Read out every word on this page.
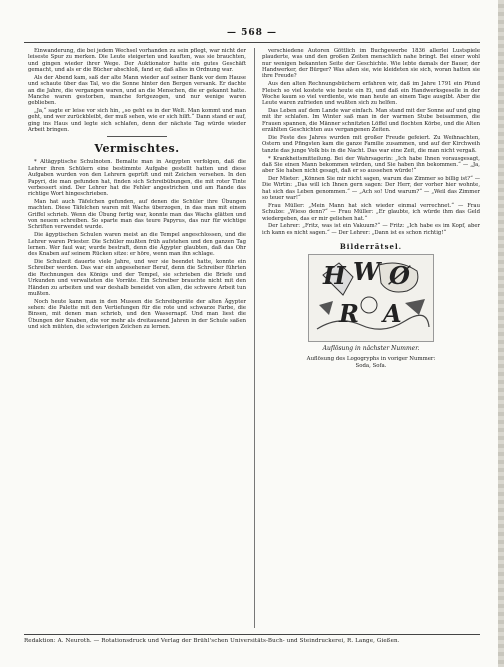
— 568 —

Einwanderung, die bei jedem Wechsel vorhanden zu sein pflegt, war nicht der leiseste Spur zu merken. Die Leute steigerten und kauften, was sie brauchten, und gingen wieder ihrer Wege. Der Auktionator hatte ein gutes Geschäft gemacht, und als er die Bücher abschloß, fand er, daß alles in Ordnung war.

Als der Abend kam, saß der alte Mann wieder auf seiner Bank vor dem Hause und schaute über das Tal, wo die Sonne hinter den Bergen versank. Er dachte an die Jahre, die vergangen waren, und an die Menschen, die er gekannt hatte. Manche waren gestorben, manche fortgezogen, und nur wenige waren geblieben.

„Ja,“ sagte er leise vor sich hin, „so geht es in der Welt. Man kommt und man geht, und wer zurückbleibt, der muß sehen, wie er sich hilft.“ Dann stand er auf, ging ins Haus und legte sich schlafen, denn der nächste Tag würde wieder Arbeit bringen.

Vermischtes.

* Altägyptische Schulnoten. Bemalte man in Aegypten verfolgen, daß die Lehrer ihren Schülern eine bestimmte Aufgabe gestellt hatten und diese Aufgaben wurden von den Lehrern geprüft und mit Zeichen versehen. In den Papyri, die man gefunden hat, finden sich Schreibübungen, die mit roter Tinte verbessert sind. Der Lehrer hat die Fehler angestrichen und am Rande das richtige Wort hingeschrieben.

Man hat auch Täfelchen gefunden, auf denen die Schüler ihre Übungen machten. Diese Täfelchen waren mit Wachs überzogen, in das man mit einem Griffel schrieb. Wenn die Übung fertig war, konnte man das Wachs glätten und von neuem schreiben. So sparte man das teure Papyrus, das nur für wichtige Schriften verwendet wurde.

Die ägyptischen Schulen waren meist an die Tempel angeschlossen, und die Lehrer waren Priester. Die Schüler mußten früh aufstehen und den ganzen Tag lernen. Wer faul war, wurde bestraft, denn die Ägypter glaubten, daß das Ohr des Knaben auf seinem Rücken sitze: er höre, wenn man ihn schlage.

Die Schulzeit dauerte viele Jahre, und wer sie beendet hatte, konnte ein Schreiber werden. Das war ein angesehener Beruf, denn die Schreiber führten die Rechnungen des Königs und der Tempel, sie schrieben die Briefe und Urkunden und verwalteten die Vorräte. Ein Schreiber brauchte nicht mit den Händen zu arbeiten und war deshalb beneidet von allen, die schwere Arbeit tun mußten.

Noch heute kann man in den Museen die Schreibgeräte der alten Ägypter sehen: die Palette mit den Vertiefungen für die rote und schwarze Farbe, die Binsen, mit denen man schrieb, und den Wassernapf. Und man liest die Übungen der Knaben, die vor mehr als dreitausend Jahren in der Schule saßen und sich mühten, die schwierigen Zeichen zu lernen.

verschiedene Autoren Göttlich im Buchgewerbe 1836 allerlei Lustspiele plauderte, was und den großen Zeiten menschlich nahe bringt. Bei einer wohl nur wenigen bekannten Seite der Geschichte. Wie lebte damals der Bauer, der Handwerker, der Bürger? Was aßen sie, wie kleideten sie sich, woran hatten sie ihre Freude?

Aus den alten Rechnungsbüchern erfahren wir, daß im Jahre 1791 ein Pfund Fleisch so viel kostete wie heute ein Ei, und daß ein Handwerksgeselle in der Woche kaum so viel verdiente, wie man heute an einem Tage ausgibt. Aber die Leute waren zufrieden und wußten sich zu helfen.

Das Leben auf dem Lande war einfach. Man stand mit der Sonne auf und ging mit ihr schlafen. Im Winter saß man in der warmen Stube beisammen, die Frauen spannen, die Männer schnitzten Löffel und flochten Körbe, und die Alten erzählten Geschichten aus vergangenen Zeiten.

Die Feste des Jahres wurden mit großer Freude gefeiert. Zu Weihnachten, Ostern und Pfingsten kam die ganze Familie zusammen, und auf der Kirchweih tanzte das junge Volk bis in die Nacht. Das war eine Zeit, die man nicht vergaß.

* Krankheitsmitteilung. Bei der Wahrsagerin: „Ich habe Ihnen vorausgesagt, daß Sie einen Mann bekommen würden, und Sie haben ihn bekommen.“ — „Ja, aber Sie haben nicht gesagt, daß er so aussehen würde!“

Der Mieter: „Können Sie mir nicht sagen, warum das Zimmer so billig ist?“ — Die Wirtin: „Das will ich Ihnen gern sagen: Der Herr, der vorher hier wohnte, hat sich das Leben genommen.“ — „Ach so! Und warum?“ — „Weil das Zimmer so teuer war!“

Frau Müller: „Mein Mann hat sich wieder einmal verrechnet.“ — Frau Schulze: „Wieso denn?“ — Frau Müller: „Er glaubte, ich würde ihm das Geld wiedergeben, das er mir geliehen hat.“

Der Lehrer: „Fritz, was ist ein Vakuum?“ — Fritz: „Ich habe es im Kopf, aber ich kann es nicht sagen.“ — Der Lehrer: „Dann ist es schon richtig!“

Bilderrätsel.
H W Ø
R A
Auflösung in nächster Nummer.
Auflösung des Logogryphs in voriger Nummer:
Soda, Sofa.
Redaktion: A. Neuroth. — Rotationsdruck und Verlag der Brühl'schen Universitäts-Buch- und Steindruckerei, R. Lange, Gießen.
